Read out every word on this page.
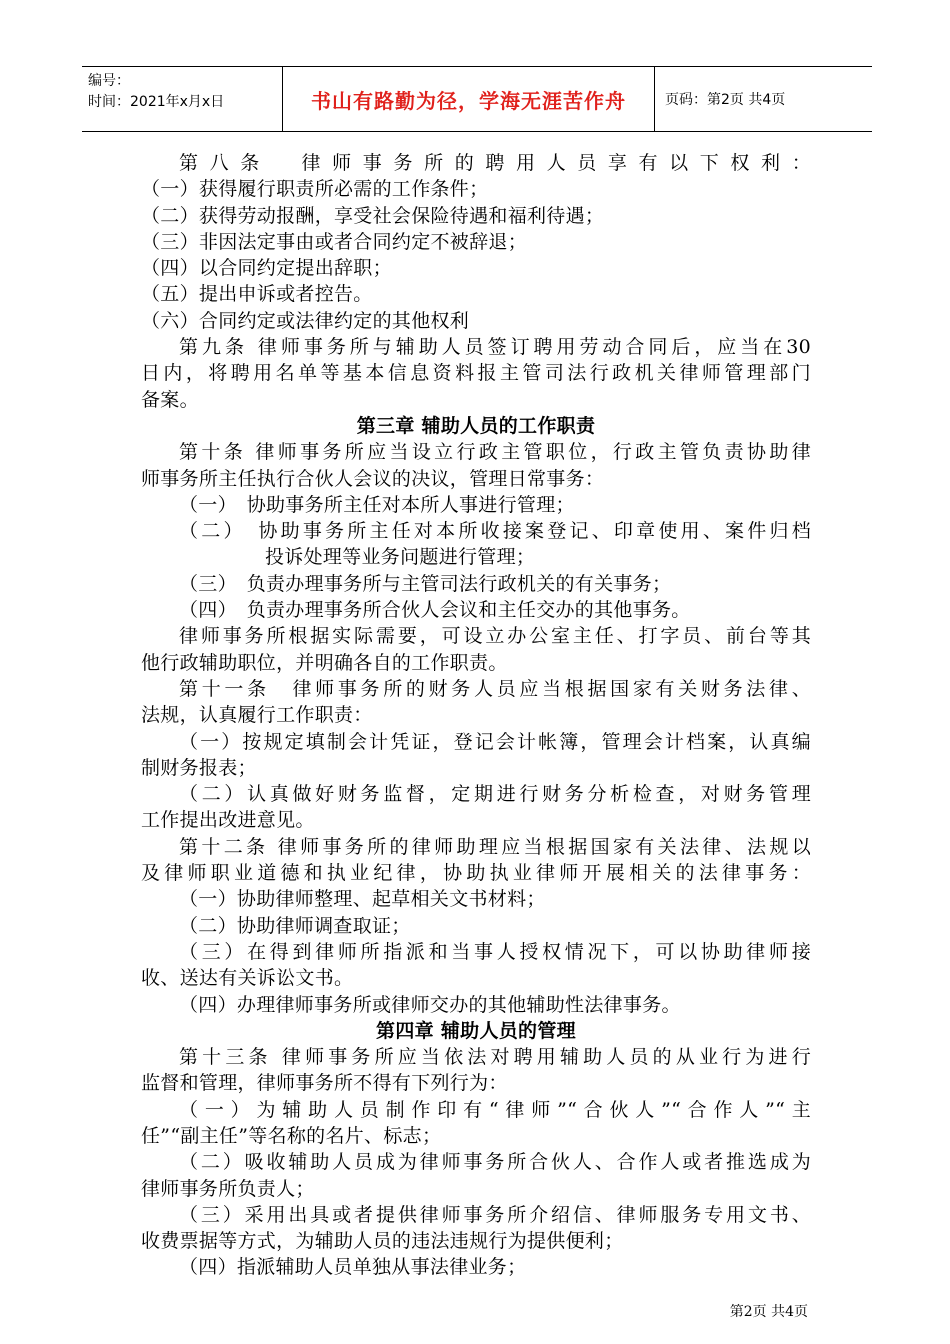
编号：
时间：2021年x月x日	书山有路勤为径，学海无涯苦作舟	页码：第2页 共4页
第八条　律师事务所的聘用人员享有以下权利：
（一）获得履行职责所必需的工作条件；
（二）获得劳动报酬，享受社会保险待遇和福利待遇；
（三）非因法定事由或者合同约定不被辞退；
（四）以合同约定提出辞职；
（五）提出申诉或者控告。
（六）合同约定或法律约定的其他权利
第九条 律师事务所与辅助人员签订聘用劳动合同后，应当在30
日内，将聘用名单等基本信息资料报主管司法行政机关律师管理部门
备案。
第三章 辅助人员的工作职责
第十条 律师事务所应当设立行政主管职位，行政主管负责协助律
师事务所主任执行合伙人会议的决议，管理日常事务：
（一）　协助事务所主任对本所人事进行管理；
（二）　协助事务所主任对本所收接案登记、印章使用、案件归档
投诉处理等业务问题进行管理；
（三）　负责办理事务所与主管司法行政机关的有关事务；
（四）　负责办理事务所合伙人会议和主任交办的其他事务。
律师事务所根据实际需要，可设立办公室主任、打字员、前台等其
他行政辅助职位，并明确各自的工作职责。
第十一条　律师事务所的财务人员应当根据国家有关财务法律、
法规，认真履行工作职责：
（一）按规定填制会计凭证，登记会计帐簿，管理会计档案，认真编
制财务报表；
（二）认真做好财务监督，定期进行财务分析检查，对财务管理
工作提出改进意见。
第十二条 律师事务所的律师助理应当根据国家有关法律、法规以
及律师职业道德和执业纪律，协助执业律师开展相关的法律事务：
（一）协助律师整理、起草相关文书材料；
（二）协助律师调查取证；
（三）在得到律师所指派和当事人授权情况下，可以协助律师接
收、送达有关诉讼文书。
（四）办理律师事务所或律师交办的其他辅助性法律事务。
第四章 辅助人员的管理
第十三条 律师事务所应当依法对聘用辅助人员的从业行为进行
监督和管理，律师事务所不得有下列行为：
（一）为辅助人员制作印有“律师”“合伙人”“合作人”“主
任”“副主任”等名称的名片、标志；
（二）吸收辅助人员成为律师事务所合伙人、合作人或者推选成为
律师事务所负责人；
（三）采用出具或者提供律师事务所介绍信、律师服务专用文书、
收费票据等方式，为辅助人员的违法违规行为提供便利；
（四）指派辅助人员单独从事法律业务；
第2页 共4页
